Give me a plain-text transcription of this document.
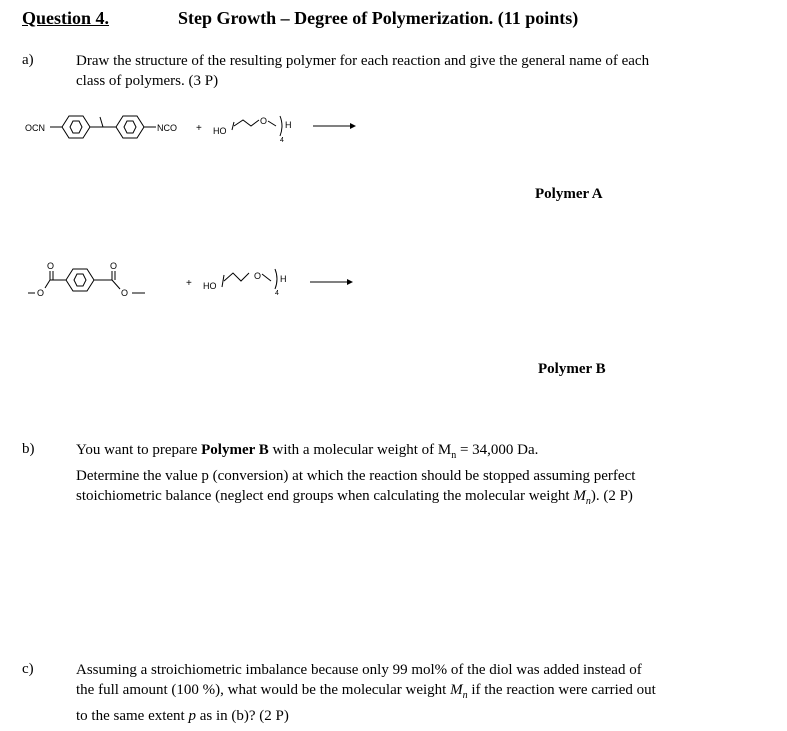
Question 4.	Step Growth – Degree of Polymerization. (11 points)
a)	Draw the structure of the resulting polymer for each reaction and give the general name of each
class of polymers. (3 P)
OCN	NCO + HO
O H
4
Polymer A
O
O
O
O
+ HO
O H
4
Polymer B
b)	You want to prepare Polymer B with a molecular weight of $M_n = 34,000$ Da.
Determine the value p (conversion) at which the reaction should be stopped assuming perfect
stoichiometric balance (neglect end groups when calculating the molecular weight $M_n$). (2 P)
c)	Assuming a stroichiometric imbalance because only 99 mol% of the diol was added instead of
the full amount (100 %), what would be the molecular weight $M_n$ if the reaction were carried out
to the same extent p as in (b)? (2 P)
